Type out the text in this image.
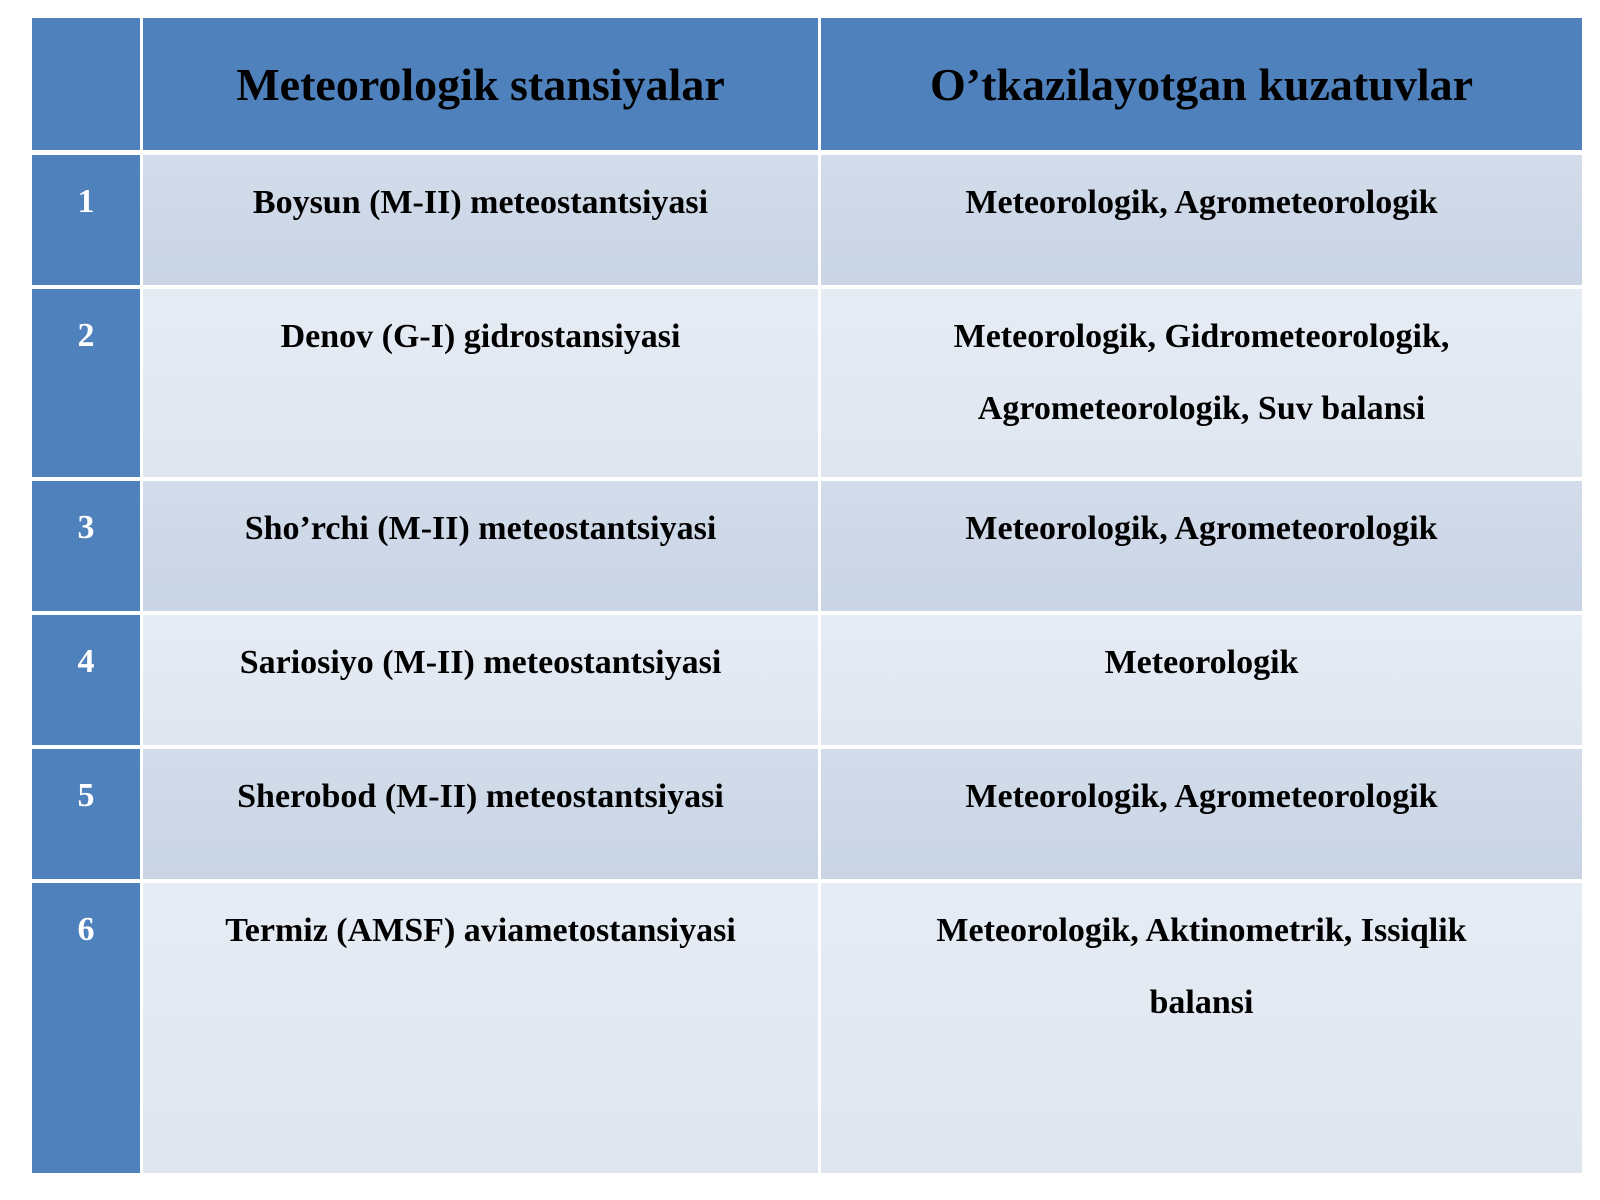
Meteorologik stansiyalar	O’tkazilayotgan kuzatuvlar
1	Boysun (M-II) meteostantsiyasi	Meteorologik, Agrometeorologik
2	Denov (G-I) gidrostansiyasi	Meteorologik, Gidrometeorologik,
Agrometeorologik, Suv balansi
3	Sho’rchi (M-II) meteostantsiyasi	Meteorologik, Agrometeorologik
4	Sariosiyo (M-II) meteostantsiyasi	Meteorologik
5	Sherobod (M-II) meteostantsiyasi	Meteorologik, Agrometeorologik
6	Termiz (AMSF) aviametostansiyasi	Meteorologik, Aktinometrik, Issiqlik
balansi
